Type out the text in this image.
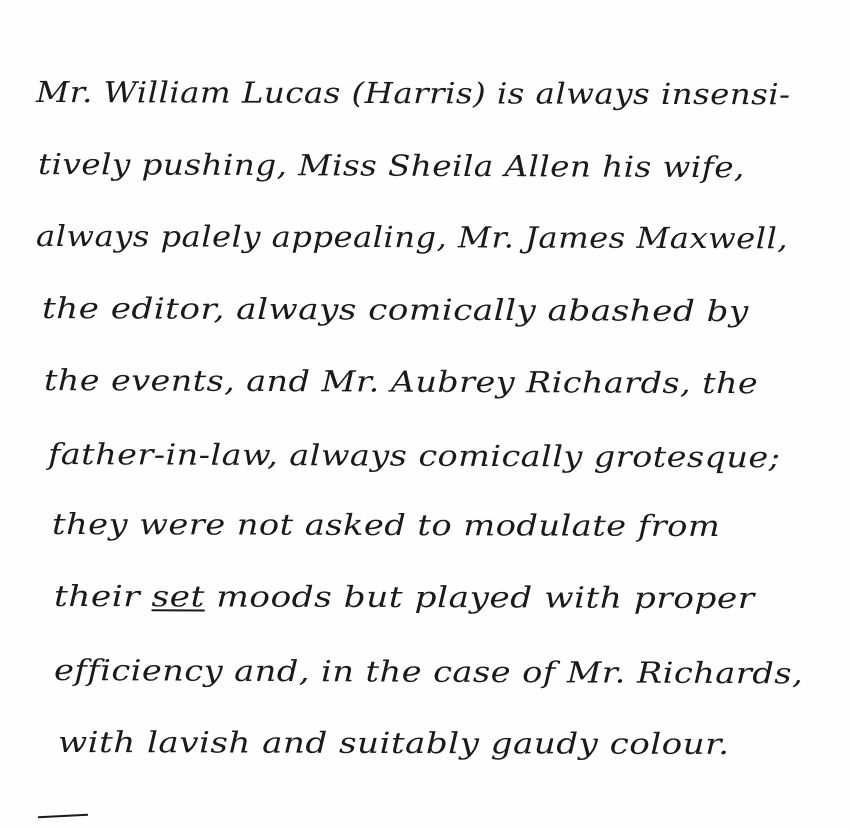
Mr. William Lucas (Harris) is always insensi-
tively pushing, Miss Sheila Allen his wife,
always palely appealing, Mr. James Maxwell,
the editor, always comically abashed by
the events, and Mr. Aubrey Richards, the
father-in-law, always comically grotesque;
they were not asked to modulate from
their set moods but played with proper
efficiency and, in the case of Mr. Richards,
with lavish and suitably gaudy colour.
